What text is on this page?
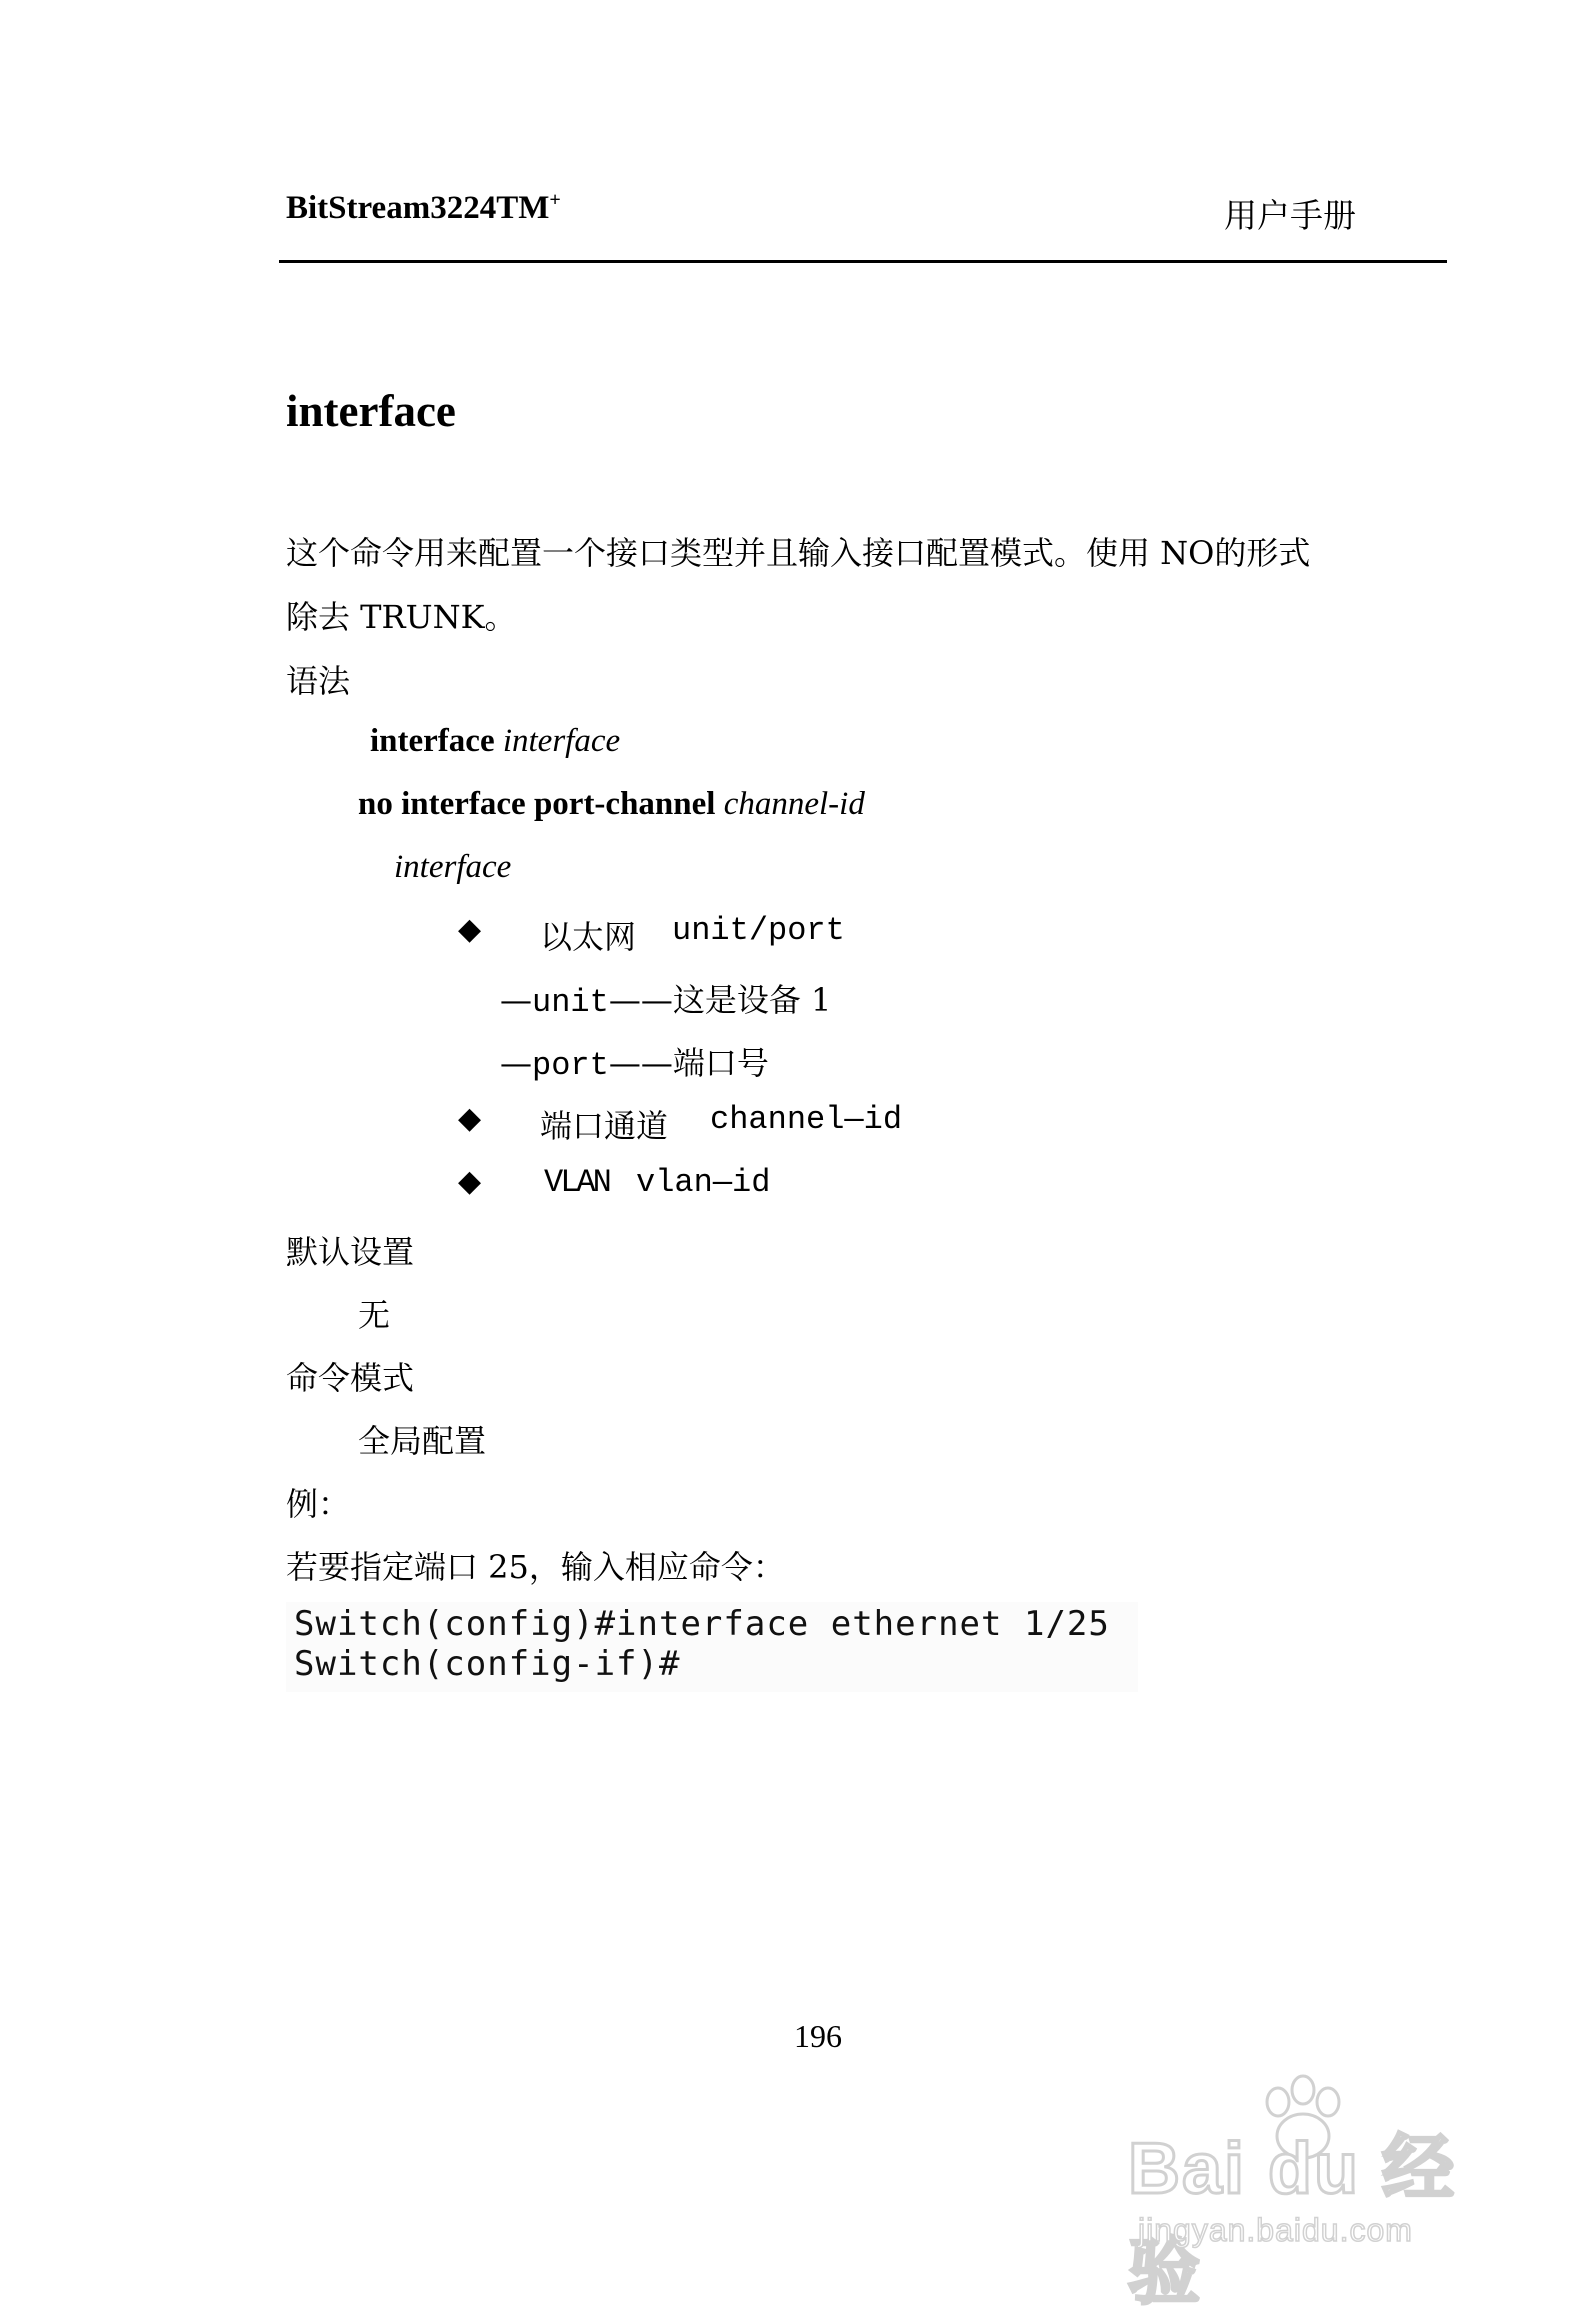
BitStream3224TM+	用户手册
interface
这个命令用来配置一个接口类型并且输入接口配置模式。使用 NO的形式
除去 TRUNK。
语法
interface interface
no interface port-channel channel-id
interface
◆ 以太网 unit/port
—unit——这是设备 1
—port——端口号
◆ 端口通道 channel—id
◆ VLAN vlan—id
默认设置
无
命令模式
全局配置
例：
若要指定端口 25，输入相应命令：
Switch(config)#interface ethernet 1/25
Switch(config-if)#
196
Bai du 经验
jingyan.baidu.com
